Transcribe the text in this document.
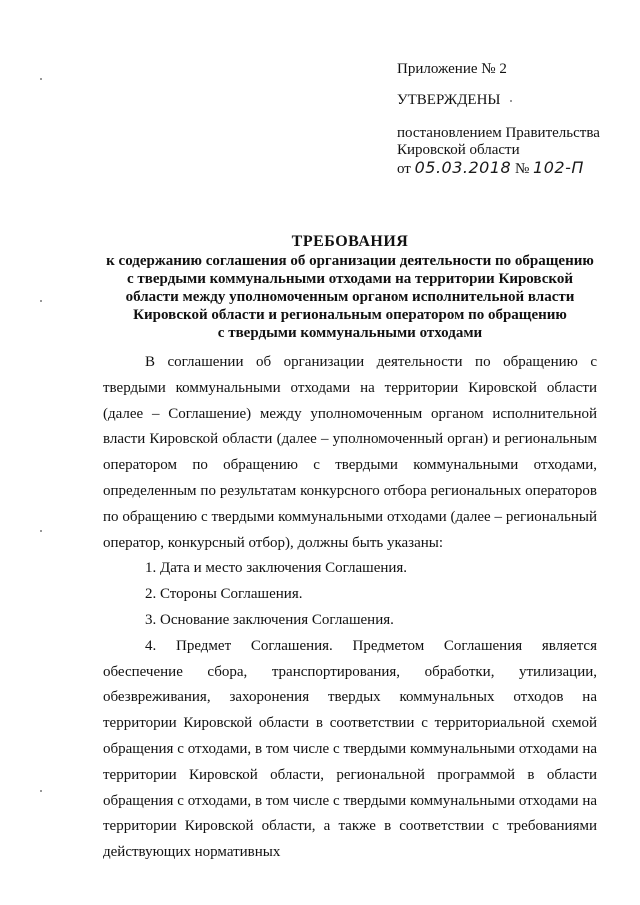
Приложение № 2
УТВЕРЖДЕНЫ
постановлением Правительства
Кировской области
от 05.03.2018 № 102-П
ТРЕБОВАНИЯ
к содержанию соглашения об организации деятельности по обращению
с твердыми коммунальными отходами на территории Кировской
области между уполномоченным органом исполнительной власти
Кировской области и региональным оператором по обращению
с твердыми коммунальными отходами

В соглашении об организации деятельности по обращению с твердыми коммунальными отходами на территории Кировской области (далее – Соглашение) между уполномоченным органом исполнительной власти Кировской области (далее – уполномоченный орган) и региональным оператором по обращению с твердыми коммунальными отходами, определенным по результатам конкурсного отбора региональных операторов по обращению с твердыми коммунальными отходами (далее – региональный оператор, конкурсный отбор), должны быть указаны:

1. Дата и место заключения Соглашения.

2. Стороны Соглашения.

3. Основание заключения Соглашения.

4. Предмет Соглашения. Предметом Соглашения является обеспечение сбора, транспортирования, обработки, утилизации, обезвреживания, захоронения твердых коммунальных отходов на территории Кировской области в соответствии с территориальной схемой обращения с отходами, в том числе с твердыми коммунальными отходами на территории Кировской области, региональной программой в области обращения с отходами, в том числе с твердыми коммунальными отходами на территории Кировской области, а также в соответствии с требованиями действующих нормативных
